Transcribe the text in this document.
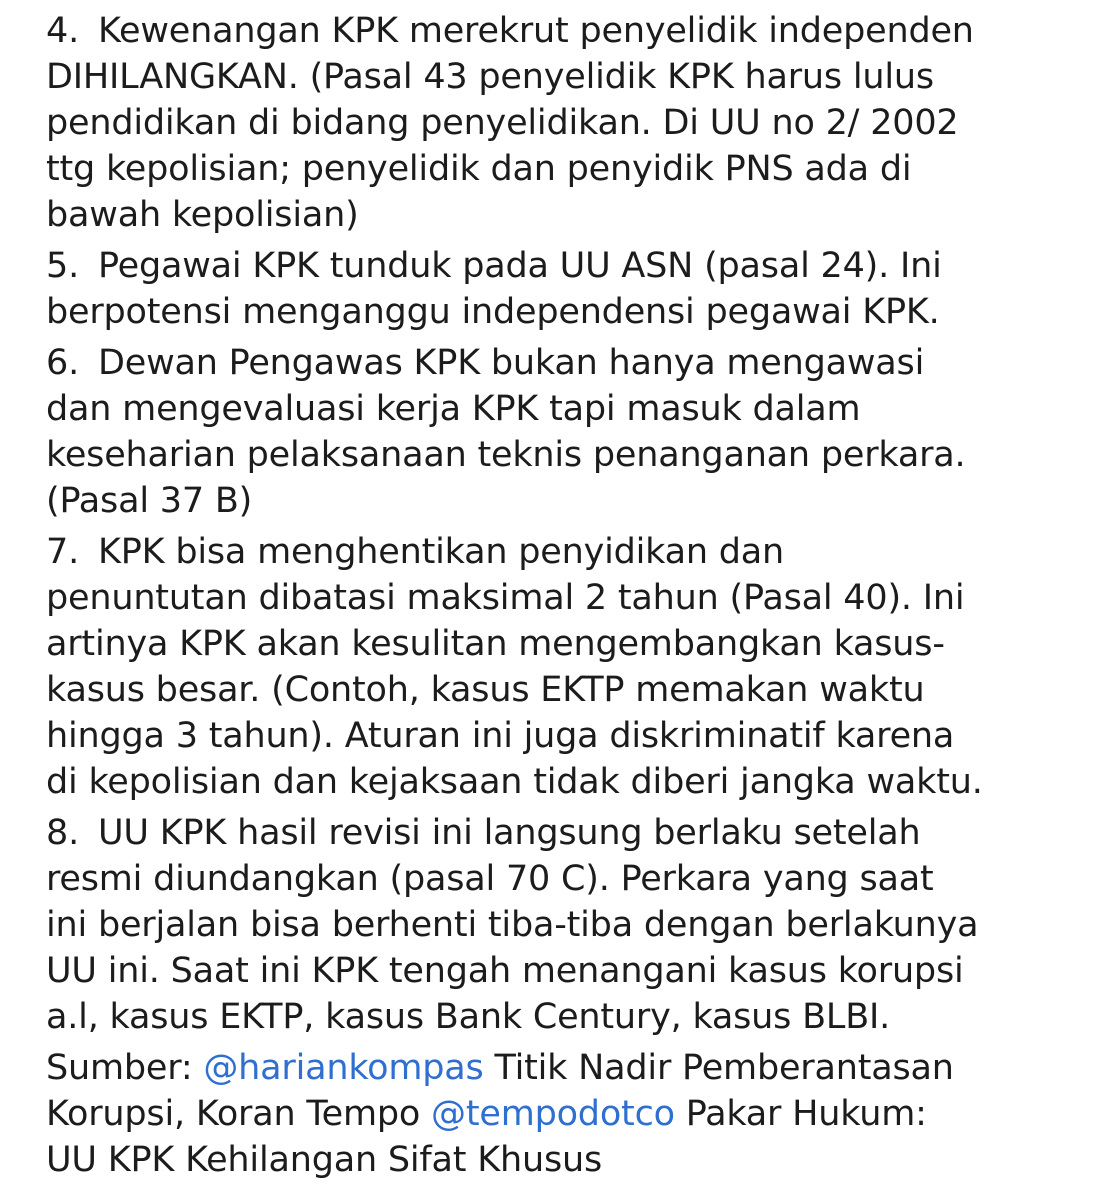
4. Kewenangan KPK merekrut penyelidik independen
DIHILANGKAN. (Pasal 43 penyelidik KPK harus lulus
pendidikan di bidang penyelidikan. Di UU no 2/ 2002
ttg kepolisian; penyelidik dan penyidik PNS ada di
bawah kepolisian)
5. Pegawai KPK tunduk pada UU ASN (pasal 24). Ini
berpotensi menganggu independensi pegawai KPK.
6. Dewan Pengawas KPK bukan hanya mengawasi
dan mengevaluasi kerja KPK tapi masuk dalam
keseharian pelaksanaan teknis penanganan perkara.
(Pasal 37 B)
7. KPK bisa menghentikan penyidikan dan
penuntutan dibatasi maksimal 2 tahun (Pasal 40). Ini
artinya KPK akan kesulitan mengembangkan kasus-
kasus besar. (Contoh, kasus EKTP memakan waktu
hingga 3 tahun). Aturan ini juga diskriminatif karena
di kepolisian dan kejaksaan tidak diberi jangka waktu.
8. UU KPK hasil revisi ini langsung berlaku setelah
resmi diundangkan (pasal 70 C). Perkara yang saat
ini berjalan bisa berhenti tiba-tiba dengan berlakunya
UU ini. Saat ini KPK tengah menangani kasus korupsi
a.l, kasus EKTP, kasus Bank Century, kasus BLBI.
Sumber: @hariankompas Titik Nadir Pemberantasan
Korupsi, Koran Tempo @tempodotco Pakar Hukum:
UU KPK Kehilangan Sifat Khusus
